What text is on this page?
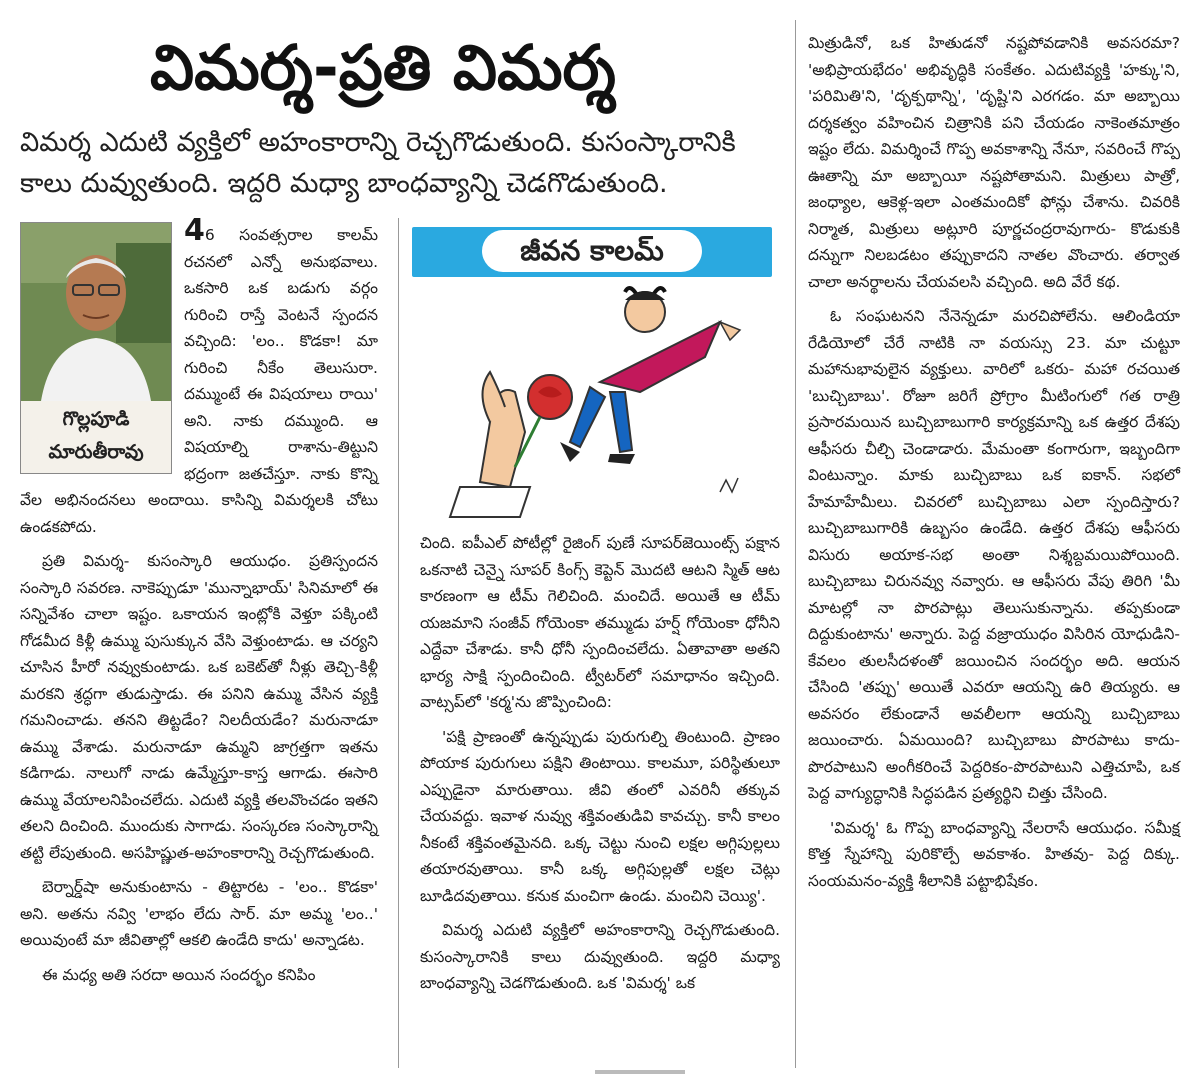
విమర్శ-ప్రతి విమర్శ
విమర్శ ఎదుటి వ్యక్తిలో అహంకారాన్ని రెచ్చగొడుతుంది. కుసంస్కారానికి కాలు దువ్వుతుంది. ఇద్దరి మధ్యా బాంధవ్యాన్ని చెడగొడుతుంది.
గొల్లపూడి
మారుతీరావు

46 సంవత్సరాల కాలమ్ రచనలో ఎన్నో అనుభవాలు. ఒకసారి ఒక బడుగు వర్గం గురించి రాస్తే వెంటనే స్పందన వచ్చింది: 'లం.. కొడకా! మా గురించి నీకేం తెలుసురా. దమ్ముంటే ఈ విషయాలు రాయి' అని. నాకు దమ్ముంది. ఆ విషయాల్ని రాశాను-తిట్టుని భద్రంగా జతచేస్తూ. నాకు కొన్ని వేల అభినందనలు అందాయి. కాసిన్ని విమర్శలకి చోటు ఉండకపోదు.

ప్రతి విమర్శ- కుసంస్కారి ఆయుధం. ప్రతిస్పందన సంస్కారి సవరణ. నాకెప్పుడూ 'మున్నాభాయ్' సినిమాలో ఈ సన్నివేశం చాలా ఇష్టం. ఒకాయన ఇంట్లోకి వెళ్తూ పక్కింటి గోడమీద కిళ్లీ ఉమ్ము పుసుక్కున వేసి వెళ్తుంటాడు. ఆ చర్యని చూసిన హీరో నవ్వుకుంటాడు. ఒక బకెట్‌తో నీళ్లు తెచ్చి-కిళ్లీ మరకని శ్రద్ధగా తుడుస్తాడు. ఈ పనిని ఉమ్ము వేసిన వ్యక్తి గమనించాడు. తనని తిట్టడేం? నిలదీయడేం? మరునాడూ ఉమ్ము వేశాడు. మరునాడూ ఉమ్మని జాగ్రత్తగా ఇతను కడిగాడు. నాలుగో నాడు ఉమ్మేస్తూ-కాస్త ఆగాడు. ఈసారి ఉమ్ము వేయాలనిపించలేదు. ఎదుటి వ్యక్తి తలవొంచడం ఇతని తలని దించింది. ముందుకు సాగాడు. సంస్కరణ సంస్కారాన్ని తట్టి లేపుతుంది. అసహిష్ణుత-అహంకారాన్ని రెచ్చగొడుతుంది.

బెర్నార్డ్‌షా అనుకుంటాను - తిట్టారట - 'లం.. కొడకా' అని. అతను నవ్వి 'లాభం లేదు సార్. మా అమ్మ 'లం..' అయివుంటే మా జీవితాల్లో ఆకలి ఉండేది కాదు' అన్నాడట.

ఈ మధ్య అతి సరదా అయిన సందర్భం కనిపిం

జీవన కాలమ్

చింది. ఐపీఎల్ పోటీల్లో రైజింగ్ పుణే సూపర్‌జెయింట్స్ పక్షాన ఒకనాటి చెన్నై సూపర్ కింగ్స్ కెప్టెన్ మొదటి ఆటని స్మిత్ ఆట కారణంగా ఆ టీమ్ గెలిచింది. మంచిదే. అయితే ఆ టీమ్ యజమాని సంజీవ్ గోయెంకా తమ్ముడు హర్ష్ గోయెంకా ధోనీని ఎద్దేవా చేశాడు. కానీ ధోనీ స్పందించలేదు. ఏతావాతా అతని భార్య సాక్షి స్పందించింది. ట్వీటర్‌లో సమాధానం ఇచ్చింది. వాట్సప్‌లో 'కర్మ'ను జొప్పించింది:

'పక్షి ప్రాణంతో ఉన్నప్పుడు పురుగుల్ని తింటుంది. ప్రాణం పోయాక పురుగులు పక్షిని తింటాయి. కాలమూ, పరిస్థితులూ ఎప్పుడైనా మారుతాయి. జీవి తంలో ఎవరినీ తక్కువ చేయవద్దు. ఇవాళ నువ్వు శక్తివంతుడివి కావచ్చు. కానీ కాలం నీకంటే శక్తివంతమైనది. ఒక్క చెట్టు నుంచి లక్షల అగ్గిపుల్లలు తయారవుతాయి. కానీ ఒక్క అగ్గిపుల్లతో లక్షల చెట్లు బూడిదవుతాయి. కనుక మంచిగా ఉండు. మంచిని చెయ్యి'.

విమర్శ ఎదుటి వ్యక్తిలో అహంకారాన్ని రెచ్చగొడుతుంది. కుసంస్కారానికి కాలు దువ్వుతుంది. ఇద్దరి మధ్యా బాంధవ్యాన్ని చెడగొడుతుంది. ఒక 'విమర్శ' ఒక

మిత్రుడినో, ఒక హితుడనో నష్టపోవడానికి అవసరమా? 'అభిప్రాయభేదం' అభివృద్ధికి సంకేతం. ఎదుటివ్యక్తి 'హక్కు'ని, 'పరిమితి'ని, 'దృక్పథాన్ని', 'దృష్టి'ని ఎరగడం. మా అబ్బాయి దర్శకత్వం వహించిన చిత్రానికి పని చేయడం నాకెంతమాత్రం ఇష్టం లేదు. విమర్శించే గొప్ప అవకాశాన్ని నేనూ, సవరించే గొప్ప ఊతాన్ని మా అబ్బాయీ నష్టపోతామని. మిత్రులు పాత్రో, జంధ్యాల, ఆకెళ్ల-ఇలా ఎంతమందికో ఫోన్లు చేశాను. చివరికి నిర్మాత, మిత్రులు అట్లూరి పూర్ణచంద్రరావుగారు- కొడుకుకి దన్నుగా నిలబడటం తప్పుకాదని నాతల వొంచారు. తర్వాత చాలా అనర్థాలను చేయవలసి వచ్చింది. అది వేరే కథ.

ఓ సంఘటనని నేనెన్నడూ మరచిపోలేను. ఆలిండియా రేడియోలో చేరే నాటికి నా వయస్సు 23. మా చుట్టూ మహానుభావులైన వ్యక్తులు. వారిలో ఒకరు- మహా రచయిత 'బుచ్చిబాబు'. రోజూ జరిగే ప్రోగ్రాం మీటింగులో గత రాత్రి ప్రసారమయిన బుచ్చిబాబుగారి కార్యక్రమాన్ని ఒక ఉత్తర దేశపు ఆఫీసరు చీల్చి చెండాడారు. మేమంతా కంగారుగా, ఇబ్బందిగా వింటున్నాం. మాకు బుచ్చిబాబు ఒక ఐకాన్. సభలో హేమాహేమీలు. చివరలో బుచ్చిబాబు ఎలా స్పందిస్తారు? బుచ్చిబాబుగారికి ఉబ్బసం ఉండేది. ఉత్తర దేశపు ఆఫీసరు విసురు అయాక-సభ అంతా నిశ్శబ్దమయిపోయింది. బుచ్చిబాబు చిరునవ్వు నవ్వారు. ఆ ఆఫీసరు వేపు తిరిగి 'మీ మాటల్లో నా పొరపాట్లు తెలుసుకున్నాను. తప్పకుండా దిద్దుకుంటాను' అన్నారు. పెద్ద వజ్రాయుధం విసిరిన యోధుడిని-కేవలం తులసీదళంతో జయించిన సందర్భం అది. ఆయన చేసింది 'తప్పు' అయితే ఎవరూ ఆయన్ని ఉరి తియ్యరు. ఆ అవసరం లేకుండానే అవలీలగా ఆయన్ని బుచ్చిబాబు జయించారు. ఏమయింది? బుచ్చిబాబు పొరపాటు కాదు-పొరపాటుని అంగీకరించే పెద్దరికం-పొరపాటుని ఎత్తిచూపి, ఒక పెద్ద వాగ్యుద్ధానికి సిద్ధపడిన ప్రత్యర్థిని చిత్తు చేసింది.

'విమర్శ' ఓ గొప్ప బాంధవ్యాన్ని నేలరాసే ఆయుధం. సమీక్ష కొత్త స్నేహాన్ని పురికొల్పే అవకాశం. హితవు- పెద్ద దిక్కు. సంయమనం-వ్యక్తి శీలానికి పట్టాభిషేకం.
